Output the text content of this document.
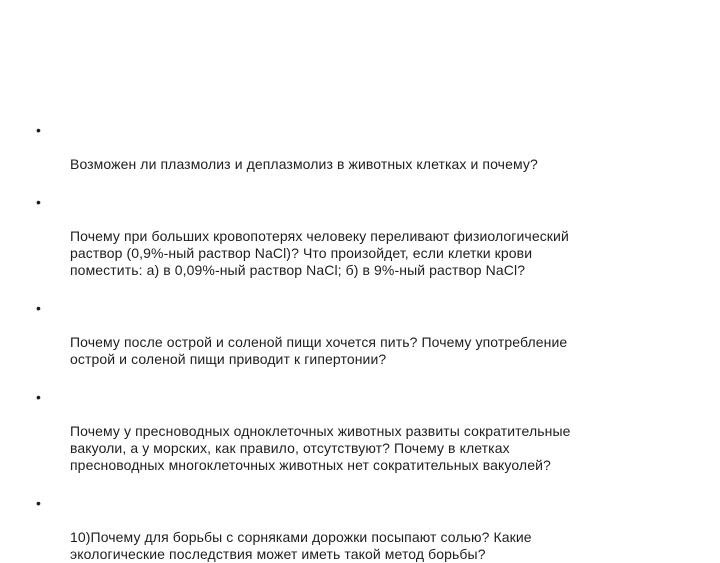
•

Возможен ли плазмолиз и деплазмолиз в животных клетках и почему?

•

Почему при больших кровопотерях человеку переливают физиологический
раствор (0,9%-ный раствор NaCl)? Что произойдет, если клетки крови
поместить: а) в 0,09%-ный раствор NaCl; б) в 9%-ный раствор NaCl?

•

Почему после острой и соленой пищи хочется пить? Почему употребление
острой и соленой пищи приводит к гипертонии?

•

Почему у пресноводных одноклеточных животных развиты сократительные
вакуоли, а у морских, как правило, отсутствуют? Почему в клетках
пресноводных многоклеточных животных нет сократительных вакуолей?

•

10)Почему для борьбы с сорняками дорожки посыпают солью? Какие
экологические последствия может иметь такой метод борьбы?
